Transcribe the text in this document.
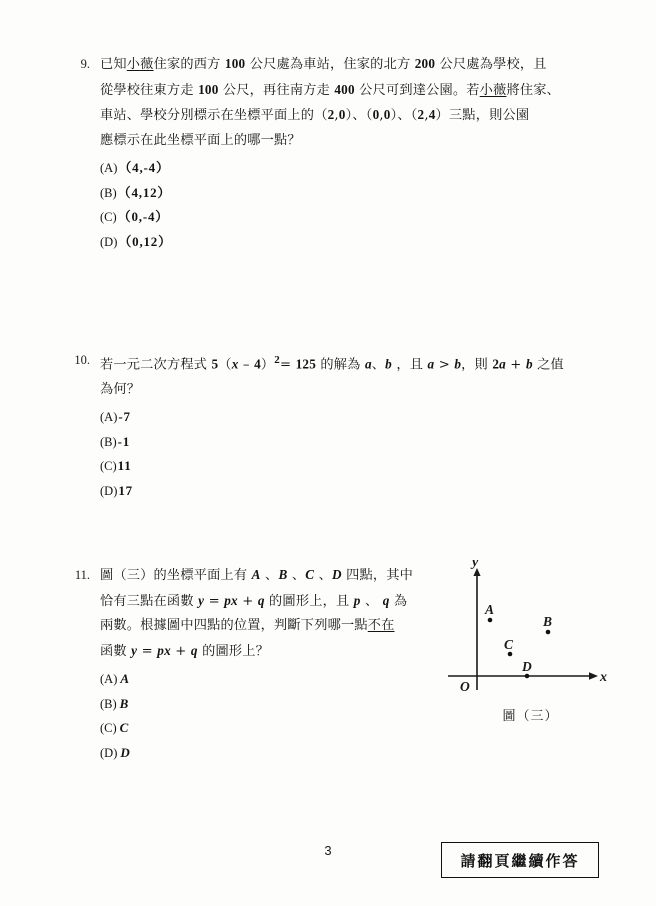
9. 已知小薇住家的西方 100 公尺處為車站，住家的北方 200 公尺處為學校，且
從學校往東方走 100 公尺，再往南方走 400 公尺可到達公園。若小薇將住家、
車站、學校分別標示在坐標平面上的（2,0）、（0,0）、（2,4）三點，則公園
應標示在此坐標平面上的哪一點？
(A)（4,-4）
(B)（4,12）
(C)（0,-4）
(D)（0,12）
10. 若一元二次方程式 5（x – 4）$^2$= 125 的解為 a、b ，且 a > b，則 2a + b 之值
為何？
(A)-7
(B)-1
(C)11
(D)17
11. 圖（三）的坐標平面上有 A 、B 、C 、D 四點，其中
恰有三點在函數 y = px + q 的圖形上，且 p 、 q 為
兩數。根據圖中四點的位置，判斷下列哪一點不在
函數 y = px + q 的圖形上？
(A) A
(B) B
(C) C
(D) D
y
x
O
A
B
C
D
圖（三）
3
請翻頁繼續作答
